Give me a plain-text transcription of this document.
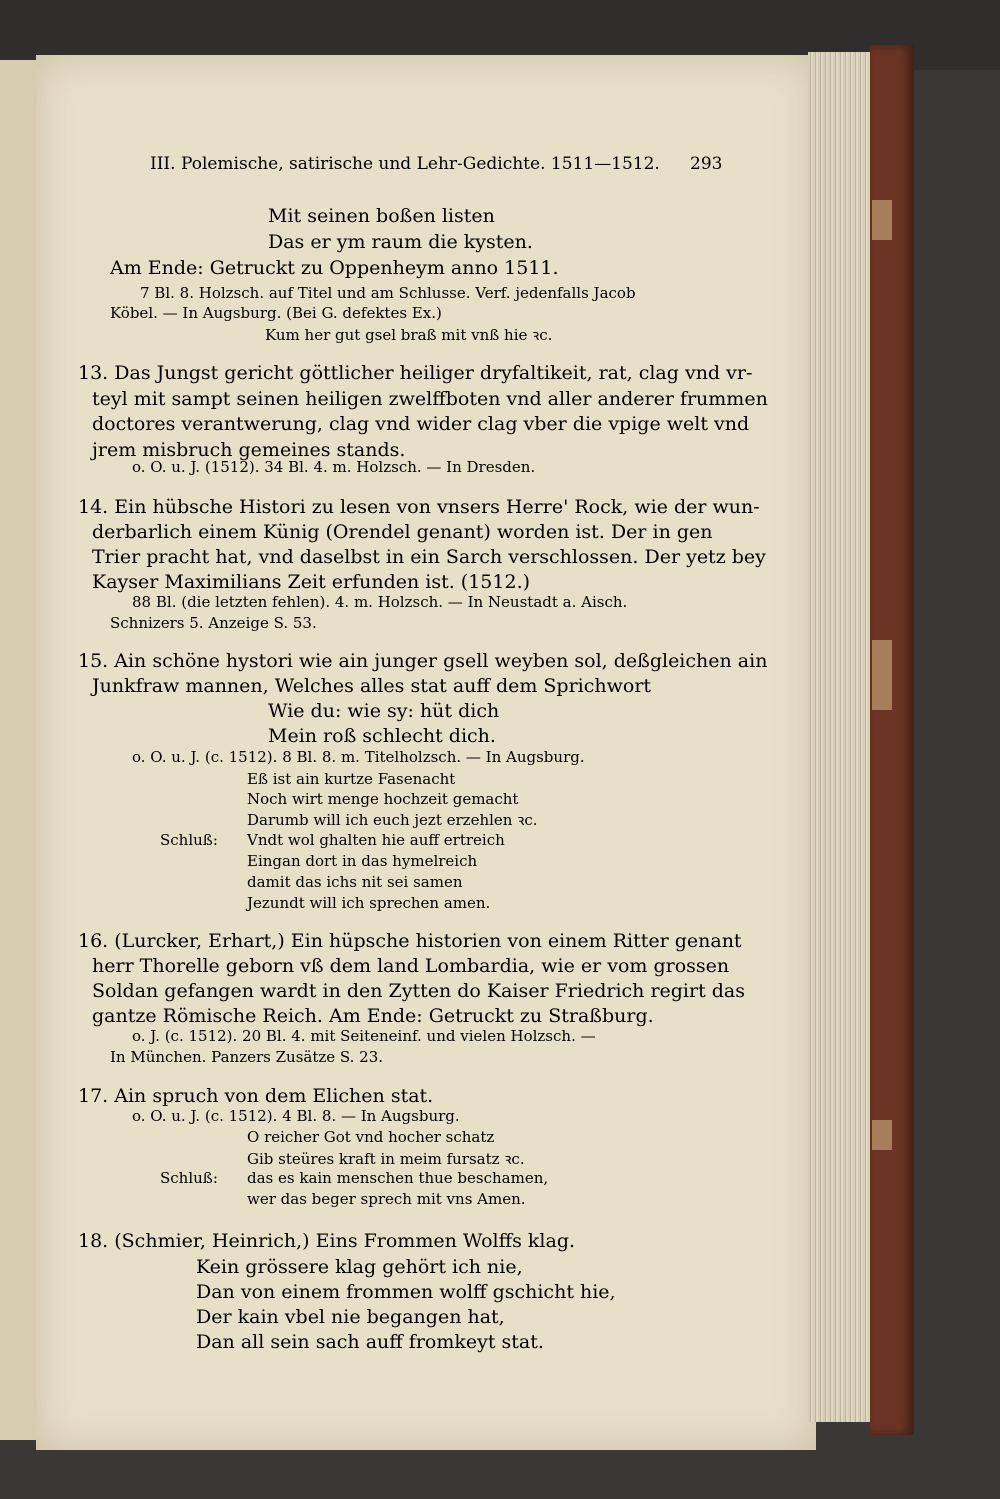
III. Polemische, satirische und Lehr-Gedichte. 1511—1512. 293
Mit seinen boßen listen
Das er ym raum die kysten.
Am Ende: Getruckt zu Oppenheym anno 1511.
7 Bl. 8. Holzsch. auf Titel und am Schlusse. Verf. jedenfalls Jacob
Köbel. — In Augsburg. (Bei G. defektes Ex.)
Kum her gut gsel braß mit vnß hie ꝛc.
13. Das Jungst gericht göttlicher heiliger dryfaltikeit, rat, clag vnd vr-
teyl mit sampt seinen heiligen zwelffboten vnd aller anderer frummen
doctores verantwerung, clag vnd wider clag vber die vpige welt vnd
jrem misbruch gemeines stands.
o. O. u. J. (1512). 34 Bl. 4. m. Holzsch. — In Dresden.
14. Ein hübsche Histori zu lesen von vnsers Herre' Rock, wie der wun-
derbarlich einem Künig (Orendel genant) worden ist. Der in gen
Trier pracht hat, vnd daselbst in ein Sarch verschlossen. Der yetz bey
Kayser Maximilians Zeit erfunden ist. (1512.)
88 Bl. (die letzten fehlen). 4. m. Holzsch. — In Neustadt a. Aisch.
Schnizers 5. Anzeige S. 53.
15. Ain schöne hystori wie ain junger gsell weyben sol, deßgleichen ain
Junkfraw mannen, Welches alles stat auff dem Sprichwort
Wie du: wie sy: hüt dich
Mein roß schlecht dich.
o. O. u. J. (c. 1512). 8 Bl. 8. m. Titelholzsch. — In Augsburg.
Eß ist ain kurtze Fasenacht
Noch wirt menge hochzeit gemacht
Darumb will ich euch jezt erzehlen ꝛc.
Schluß: Vndt wol ghalten hie auff ertreich
Eingan dort in das hymelreich
damit das ichs nit sei samen
Jezundt will ich sprechen amen.
16. (Lurcker, Erhart,) Ein hüpsche historien von einem Ritter genant
herr Thorelle geborn vß dem land Lombardia, wie er vom grossen
Soldan gefangen wardt in den Zytten do Kaiser Friedrich regirt das
gantze Römische Reich. Am Ende: Getruckt zu Straßburg.
o. J. (c. 1512). 20 Bl. 4. mit Seiteneinf. und vielen Holzsch. —
In München. Panzers Zusätze S. 23.
17. Ain spruch von dem Elichen stat.
o. O. u. J. (c. 1512). 4 Bl. 8. — In Augsburg.
O reicher Got vnd hocher schatz
Gib steüres kraft in meim fursatz ꝛc.
Schluß: das es kain menschen thue beschamen,
wer das beger sprech mit vns Amen.
18. (Schmier, Heinrich,) Eins Frommen Wolffs klag.
Kein grössere klag gehört ich nie,
Dan von einem frommen wolff gschicht hie,
Der kain vbel nie begangen hat,
Dan all sein sach auff fromkeyt stat.
